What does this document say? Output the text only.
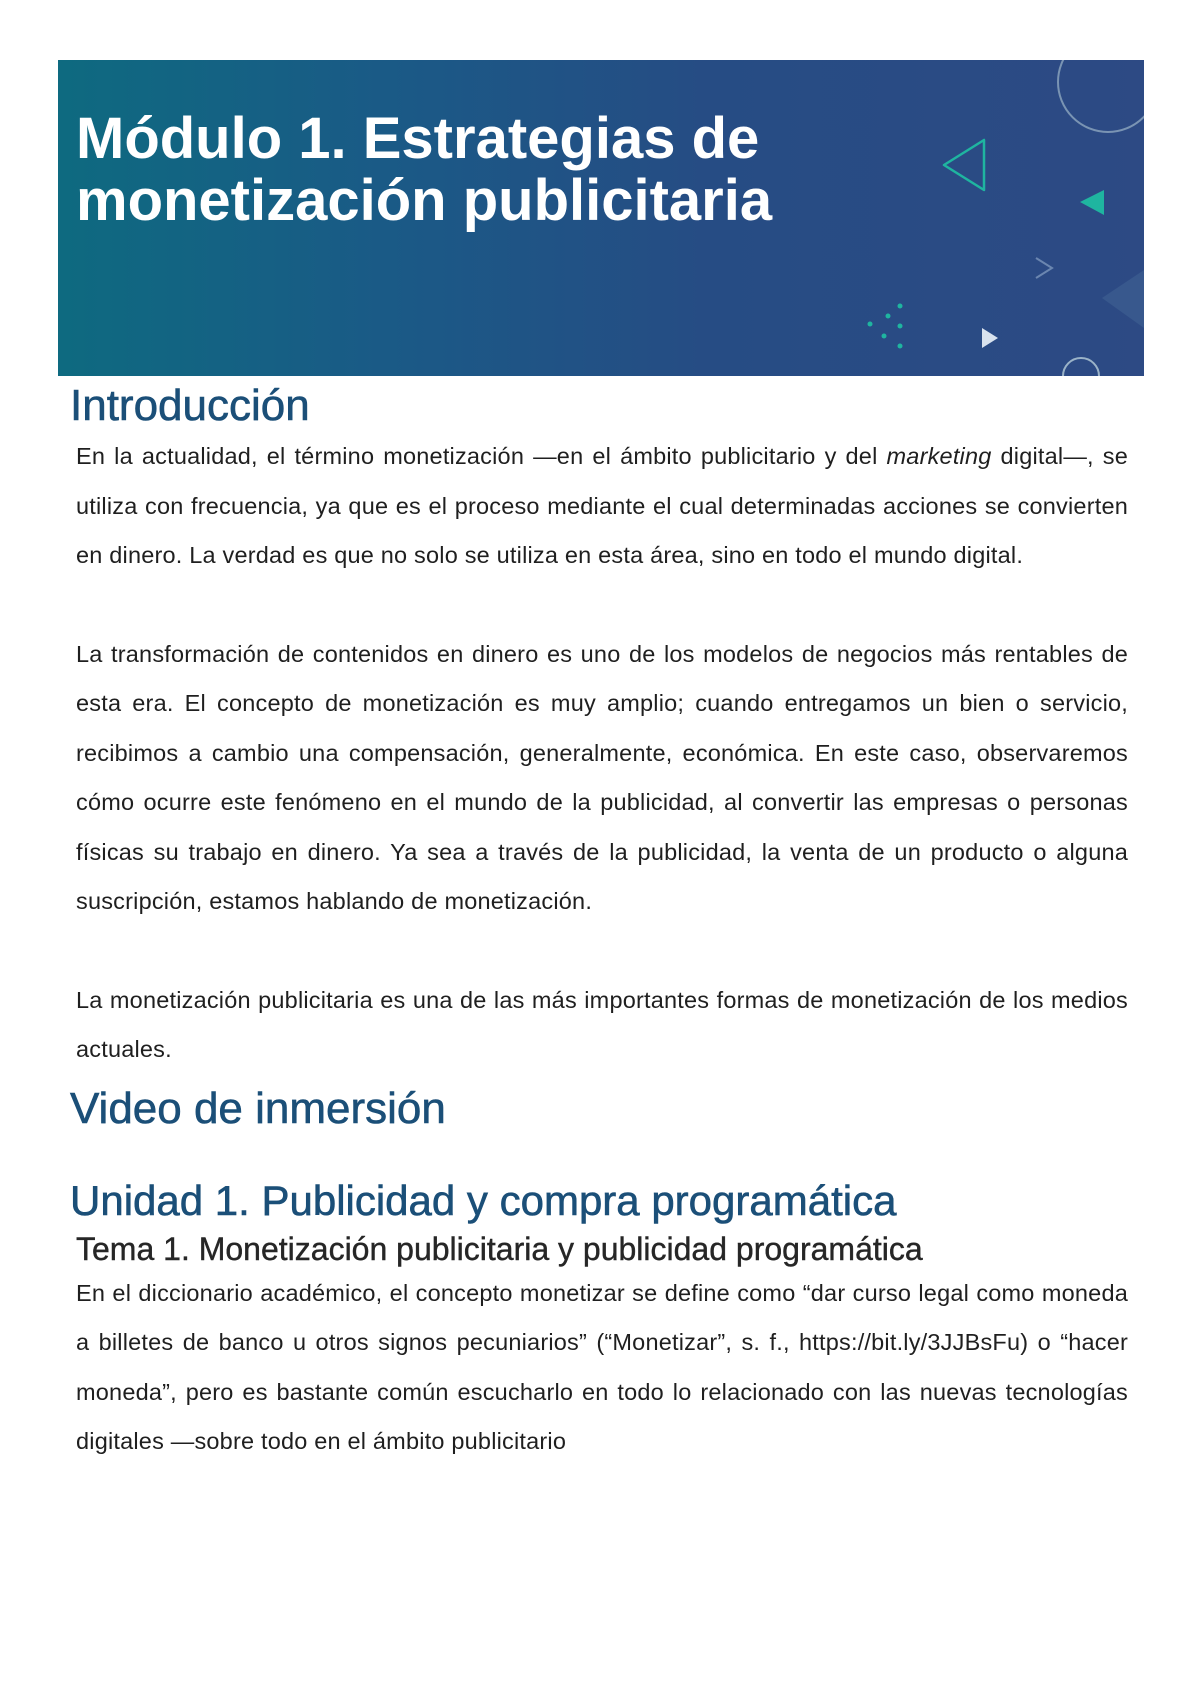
Módulo 1. Estrategias de monetización publicitaria
Introducción

En la actualidad, el término monetización —en el ámbito publicitario y del marketing digital—, se utiliza con frecuencia, ya que es el proceso mediante el cual determinadas acciones se convierten en dinero. La verdad es que no solo se utiliza en esta área, sino en todo el mundo digital.

La transformación de contenidos en dinero es uno de los modelos de negocios más rentables de esta era. El concepto de monetización es muy amplio; cuando entregamos un bien o servicio, recibimos a cambio una compensación, generalmente, económica. En este caso, observaremos cómo ocurre este fenómeno en el mundo de la publicidad, al convertir las empresas o personas físicas su trabajo en dinero. Ya sea a través de la publicidad, la venta de un producto o alguna suscripción, estamos hablando de monetización.

La monetización publicitaria es una de las más importantes formas de monetización de los medios actuales.

Video de inmersión
Unidad 1. Publicidad y compra programática
Tema 1. Monetización publicitaria y publicidad programática

En el diccionario académico, el concepto monetizar se define como “dar curso legal como moneda a billetes de banco u otros signos pecuniarios” (“Monetizar”, s. f., https://bit.ly/3JJBsFu) o “hacer moneda”, pero es bastante común escucharlo en todo lo relacionado con las nuevas tecnologías digitales —sobre todo en el ámbito publicitario
